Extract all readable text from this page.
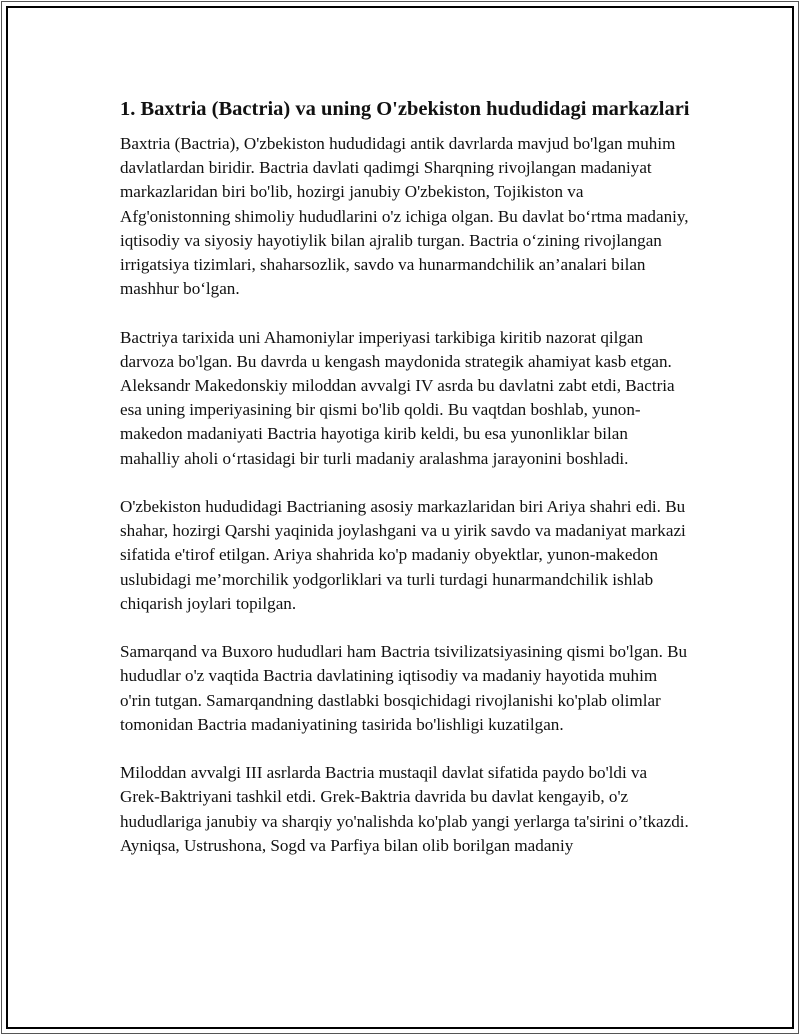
1. Baxtria (Bactria) va uning O'zbekiston hududidagi markazlari

Baxtria (Bactria), O'zbekiston hududidagi antik davrlarda mavjud bo'lgan muhim davlatlardan biridir. Bactria davlati qadimgi Sharqning rivojlangan madaniyat markazlaridan biri bo'lib, hozirgi janubiy O'zbekiston, Tojikiston va Afg'onistonning shimoliy hududlarini o'z ichiga olgan. Bu davlat bo‘rtma madaniy, iqtisodiy va siyosiy hayotiylik bilan ajralib turgan. Bactria o‘zining rivojlangan irrigatsiya tizimlari, shaharsozlik, savdo va hunarmandchilik an’analari bilan mashhur bo‘lgan.

Bactriya tarixida uni Ahamoniylar imperiyasi tarkibiga kiritib nazorat qilgan darvoza bo'lgan. Bu davrda u kengash maydonida strategik ahamiyat kasb etgan. Aleksandr Makedonskiy miloddan avvalgi IV asrda bu davlatni zabt etdi, Bactria esa uning imperiyasining bir qismi bo'lib qoldi. Bu vaqtdan boshlab, yunon-makedon madaniyati Bactria hayotiga kirib keldi, bu esa yunonliklar bilan mahalliy aholi o‘rtasidagi bir turli madaniy aralashma jarayonini boshladi.

O'zbekiston hududidagi Bactrianing asosiy markazlaridan biri Ariya shahri edi. Bu shahar, hozirgi Qarshi yaqinida joylashgani va u yirik savdo va madaniyat markazi sifatida e'tirof etilgan. Ariya shahrida ko'p madaniy obyektlar, yunon-makedon uslubidagi me’morchilik yodgorliklari va turli turdagi hunarmandchilik ishlab chiqarish joylari topilgan.

Samarqand va Buxoro hududlari ham Bactria tsivilizatsiyasining qismi bo'lgan. Bu hududlar o'z vaqtida Bactria davlatining iqtisodiy va madaniy hayotida muhim o'rin tutgan. Samarqandning dastlabki bosqichidagi rivojlanishi ko'plab olimlar tomonidan Bactria madaniyatining tasirida bo'lishligi kuzatilgan.

Miloddan avvalgi III asrlarda Bactria mustaqil davlat sifatida paydo bo'ldi va Grek-Baktriyani tashkil etdi. Grek-Baktria davrida bu davlat kengayib, o'z hududlariga janubiy va sharqiy yo'nalishda ko'plab yangi yerlarga ta'sirini o’tkazdi. Ayniqsa, Ustrushona, Sogd va Parfiya bilan olib borilgan madaniy
